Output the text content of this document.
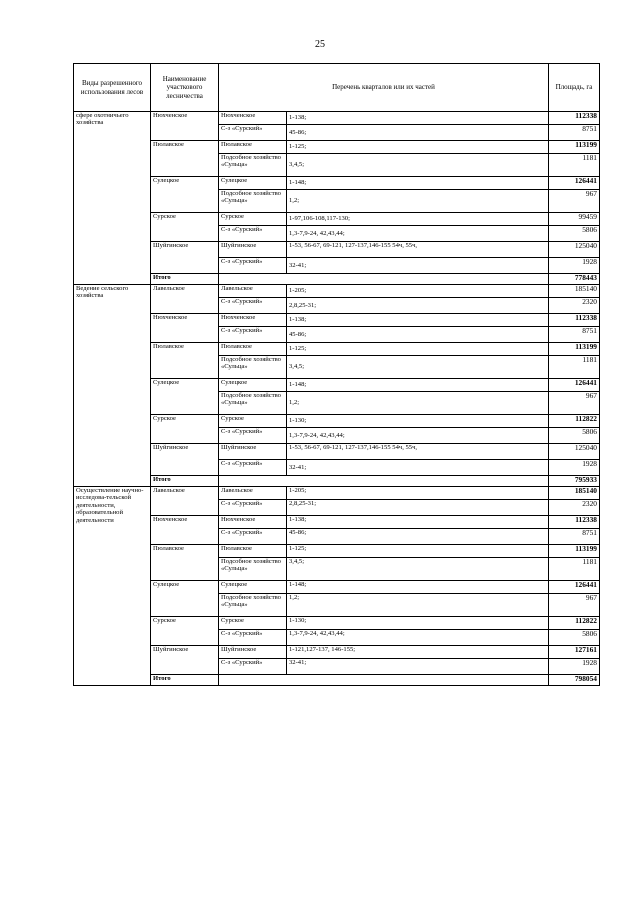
25
Виды разрешенного использования лесов	Наименование участкового лесничества	Перечень кварталов или их частей		Площадь, га
сфере охотничьего хозяйства	Нюхченское	Нюхченское	1-138;	112338
		С-з «Сурский»	45-86;	8751
	Пюлавское	Пюлавское	1-125;	113199
		Подсобное хозяйство «Сульца»	3,4,5;	1181
	Сулецкое	Сулецкое	1-148;	126441
		Подсобное хозяйство «Сульца»	1,2;	967
	Сурское	Сурское	1-97,106-108,117-130;	99459
		С-з «Сурский»	1,3-7,9-24, 42,43,44;	5806
	Шуйгинское	Шуйгинское	1-53, 56-67, 69-121, 127-137,146-155 54ч, 55ч,	125040
		С-з «Сурский»	32-41;	1928
	Итого			778443
Ведение сельского хозяйства	Лавельское	Лавельское	1-205;	185140
		С-з «Сурский»	2,8,25-31;	2320
	Нюхченское	Нюхченское	1-138;	112338
		С-з «Сурский»	45-86;	8751
	Пюлавское	Пюлавское	1-125;	113199
		Подсобное хозяйство «Сульца»	3,4,5;	1181
	Сулецкое	Сулецкое	1-148;	126441
		Подсобное хозяйство «Сульца»	1,2;	967
	Сурское	Сурское	1-130;	112822
		С-з «Сурский»	1,3-7,9-24, 42,43,44;	5806
	Шуйгинское	Шуйгинское	1-53, 56-67, 69-121, 127-137,146-155 54ч, 55ч,	125040
		С-з «Сурский»	32-41;	1928
	Итого			795933
Осуществление научно-исследова-тельской деятельности, образовательной деятельности	Лавельское	Лавельское	1-205;	185140
		С-з «Сурский»	2,8,25-31;	2320
	Нюхченское	Нюхченское	1-138;	112338
		С-з «Сурский»	45-86;	8751
	Пюлавское	Пюлавское	1-125;	113199
		Подсобное хозяйство «Сульца»	3,4,5;	1181
	Сулецкое	Сулецкое	1-148;	126441
		Подсобное хозяйство «Сульца»	1,2;	967
	Сурское	Сурское	1-130;	112822
		С-з «Сурский»	1,3-7,9-24, 42,43,44;	5806
	Шуйгинское	Шуйгинское	1-121,127-137, 146-155;	127161
		С-з «Сурский»	32-41;	1928
	Итого			798054
